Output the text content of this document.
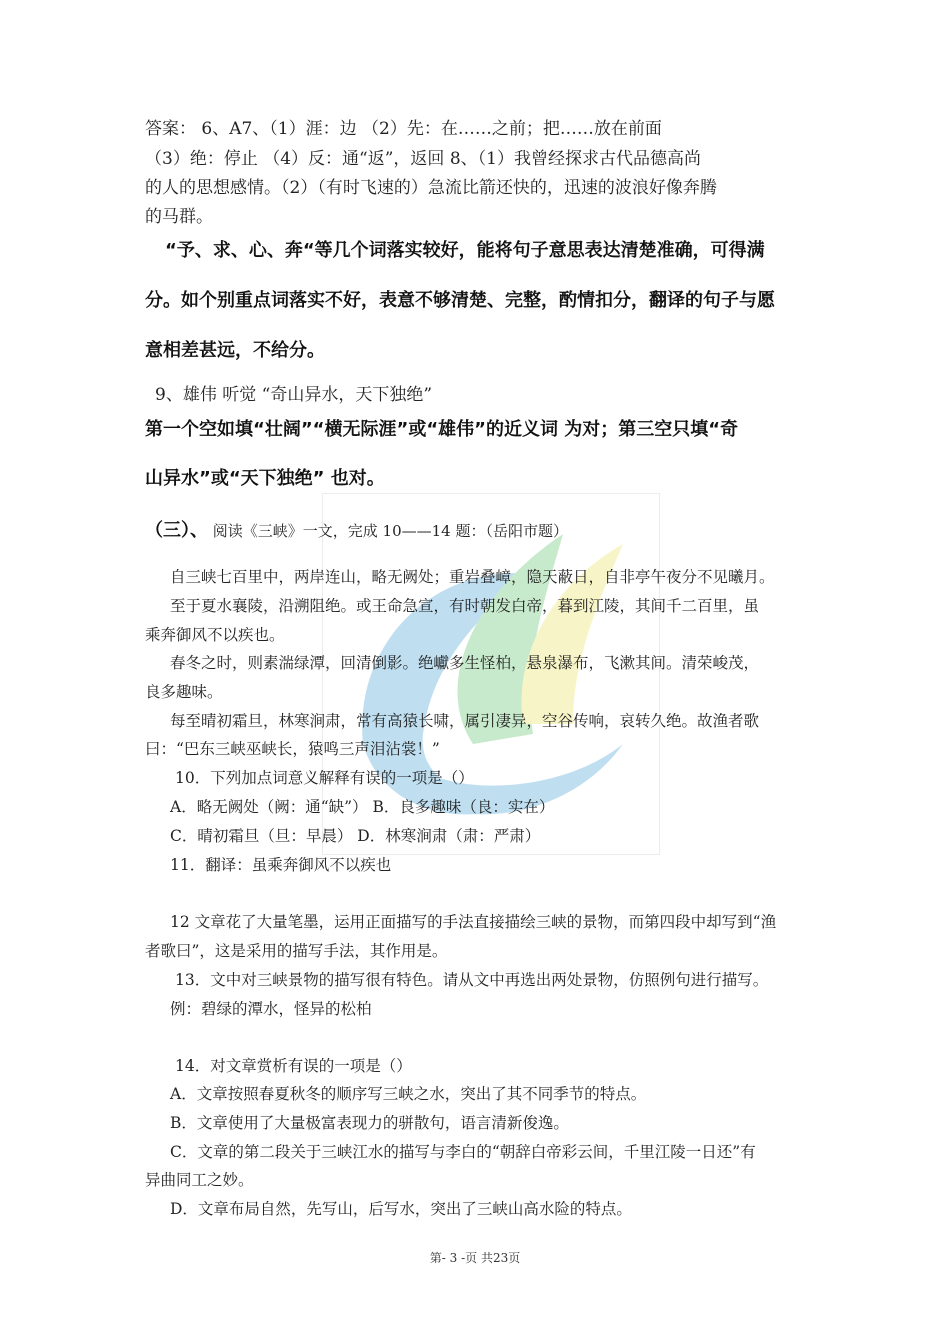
答案： 6、A7、（1）涯：边 （2）先：在……之前；把……放在前面
（3）绝：停止 （4）反：通“返”，返回 8、（1）我曾经探求古代品德高尚
的人的思想感情。（2）（有时飞速的）急流比箭还快的，迅速的波浪好像奔腾
的马群。
“予、求、心、奔“等几个词落实较好，能将句子意思表达清楚准确，可得满
分。如个别重点词落实不好，表意不够清楚、完整，酌情扣分，翻译的句子与愿
意相差甚远，不给分。
9、雄伟 听觉 “奇山异水，天下独绝”
第一个空如填“壮阔”“横无际涯”或“雄伟”的近义词 为对；第三空只填“奇
山异水”或“天下独绝” 也对。
（三）、 阅读《三峡》一文，完成 10——14 题：（岳阳市题）
自三峡七百里中，两岸连山，略无阙处；重岩叠嶂，隐天蔽日，自非亭午夜分不见曦月。
至于夏水襄陵，沿溯阻绝。或王命急宣，有时朝发白帝，暮到江陵，其间千二百里，虽
乘奔御风不以疾也。
春冬之时，则素湍绿潭，回清倒影。绝巘多生怪柏，悬泉瀑布，飞漱其间。清荣峻茂，
良多趣味。
每至晴初霜旦，林寒涧肃，常有高猿长啸，属引凄异，空谷传响，哀转久绝。故渔者歌
曰：“巴东三峡巫峡长，猿鸣三声泪沾裳！”
10．下列加点词意义解释有误的一项是（）
A．略无阙处（阙：通“缺”） B．良多趣味（良：实在）
C．晴初霜旦（旦：早晨） D．林寒涧肃（肃：严肃）
11．翻译：虽乘奔御风不以疾也
12 文章花了大量笔墨，运用正面描写的手法直接描绘三峡的景物，而第四段中却写到“渔
者歌曰”，这是采用的描写手法，其作用是。
13．文中对三峡景物的描写很有特色。请从文中再选出两处景物，仿照例句进行描写。
例：碧绿的潭水，怪异的松柏
14．对文章赏析有误的一项是（）
A．文章按照春夏秋冬的顺序写三峡之水，突出了其不同季节的特点。
B．文章使用了大量极富表现力的骈散句，语言清新俊逸。
C．文章的第二段关于三峡江水的描写与李白的“朝辞白帝彩云间，千里江陵一日还”有
异曲同工之妙。
D．文章布局自然，先写山，后写水，突出了三峡山高水险的特点。
第- 3 -页 共23页
